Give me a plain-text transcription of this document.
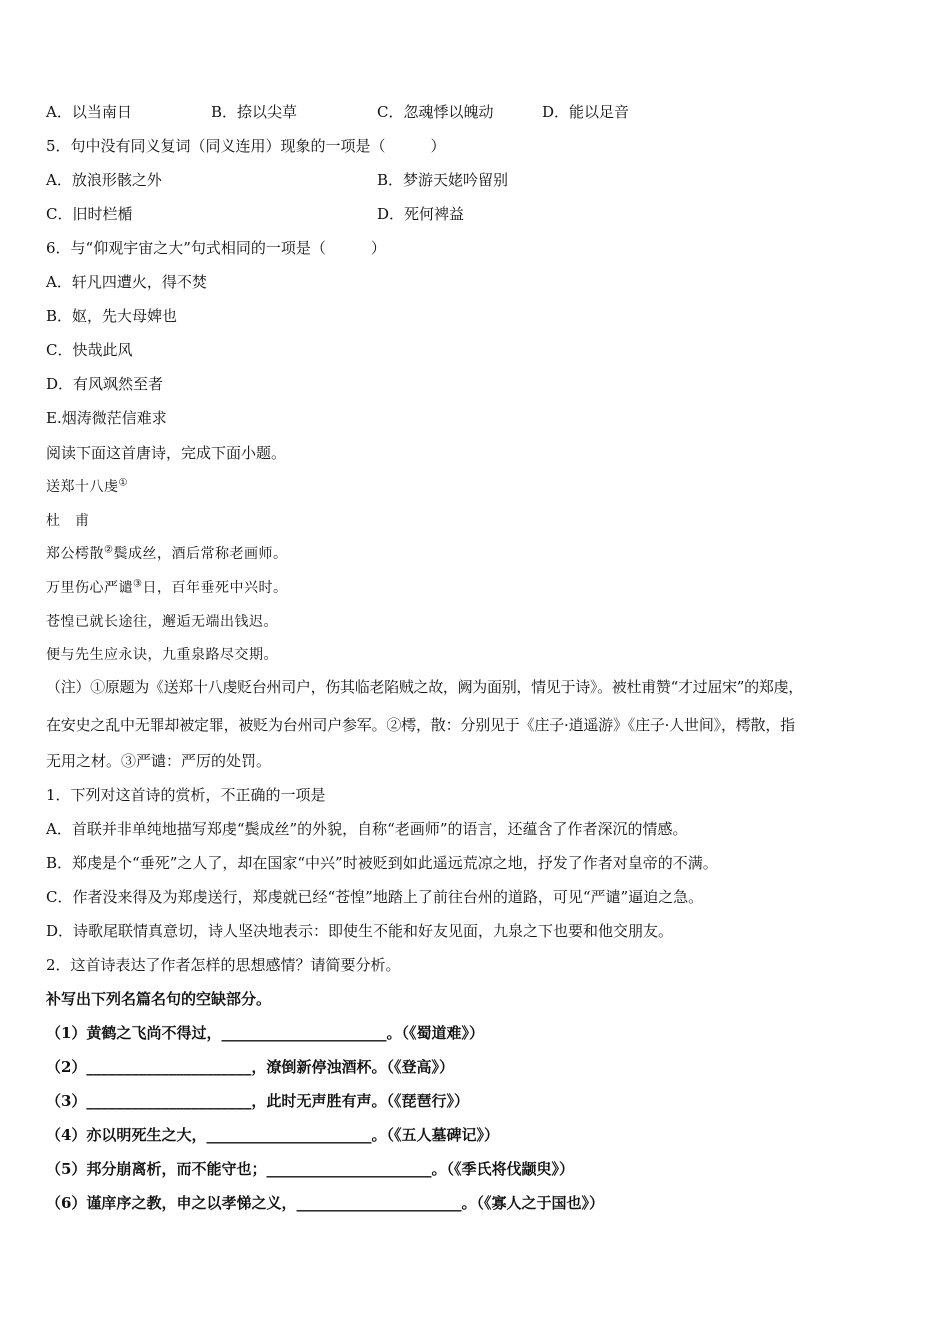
A．以当南日	B．捺以尖草	C．忽魂悸以魄动	D．能以足音
5．句中没有同义复词（同义连用）现象的一项是（　　　）
A．放浪形骸之外	B．梦游天姥吟留别
C．旧时栏楯	D．死何裨益
6．与“仰观宇宙之大”句式相同的一项是（　　　）
A．轩凡四遭火，得不焚
B．妪，先大母婢也
C．快哉此风
D．有风飒然至者
E.烟涛微茫信难求
阅读下面这首唐诗，完成下面小题。
送郑十八虔①
杜　甫
郑公樗散②鬓成丝，酒后常称老画师。
万里伤心严谴③日，百年垂死中兴时。
苍惶已就长途往，邂逅无端出钱迟。
便与先生应永诀，九重泉路尽交期。
（注）①原题为《送郑十八虔贬台州司户，伤其临老陷贼之故，阙为面别，情见于诗》。被杜甫赞“才过屈宋”的郑虔，
在安史之乱中无罪却被定罪，被贬为台州司户参军。②樗，散：分别见于《庄子·逍遥游》《庄子·人世间》，樗散，指
无用之材。③严谴：严厉的处罚。
1．下列对这首诗的赏析，不正确的一项是
A．首联并非单纯地描写郑虔“鬓成丝”的外貌，自称“老画师”的语言，还蕴含了作者深沉的情感。
B．郑虔是个“垂死”之人了，却在国家“中兴”时被贬到如此遥远荒凉之地，抒发了作者对皇帝的不满。
C．作者没来得及为郑虔送行，郑虔就已经“苍惶”地踏上了前往台州的道路，可见“严谴”逼迫之急。
D．诗歌尾联情真意切，诗人坚决地表示：即使生不能和好友见面，九泉之下也要和他交朋友。
2．这首诗表达了作者怎样的思想感情？请简要分析。
补写出下列名篇名句的空缺部分。
（1）黄鹤之飞尚不得过，______________________。（《蜀道难》）
（2）______________________，潦倒新停浊酒杯。（《登高》）
（3）______________________，此时无声胜有声。（《琵琶行》）
（4）亦以明死生之大，______________________。（《五人墓碑记》）
（5）邦分崩离析，而不能守也；______________________。（《季氏将伐颛臾》）
（6）谨庠序之教，申之以孝悌之义，______________________。（《寡人之于国也》）
